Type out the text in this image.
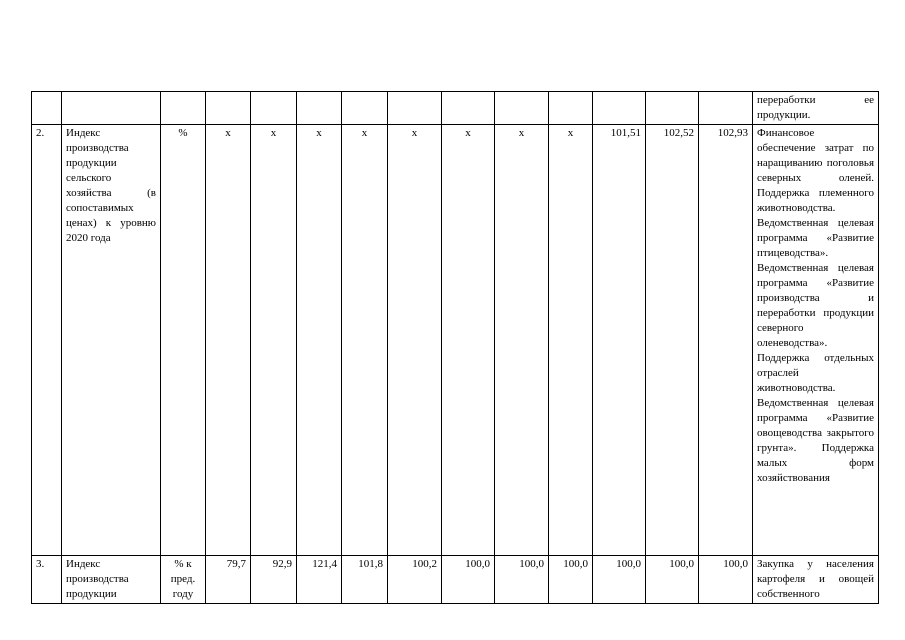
														переработки ее продукции.

2.	Индекс производства продукции сельского хозяйства (в сопоставимых ценах) к уровню 2020 года	%	x	x	x	x	x	x	x	x	101,51	102,52	102,93	Финансовое обеспечение затрат по наращиванию поголовья северных оленей. Поддержка племенного животноводства. Ведомственная целевая программа «Развитие птицеводства». Ведомственная целевая программа «Развитие производства и переработки продукции северного оленеводства». Поддержка отдельных отраслей животноводства. Ведомственная целевая программа «Развитие овощеводства закрытого грунта». Поддержка малых форм хозяйствования
3.	Индекс производства продукции	% к пред. году	79,7	92,9	121,4	101,8	100,2	100,0	100,0	100,0	100,0	100,0	100,0	Закупка у населения картофеля и овощей собственного
